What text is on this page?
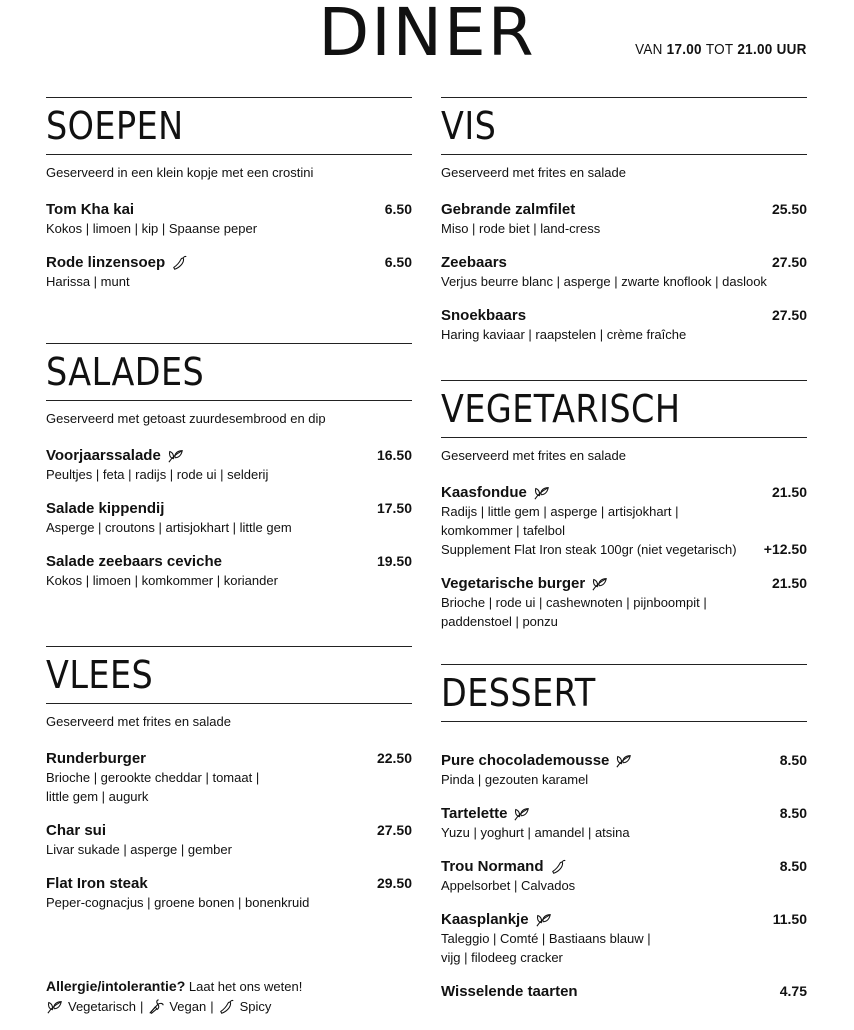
DINER	VAN 17.00 TOT 21.00 UUR
SOEPEN
Geserveerd in een klein kopje met een crostini
Tom Kha kai	6.50
Kokos | limoen | kip | Spaanse peper
Rode linzensoep	6.50
Harissa | munt
SALADES
Geserveerd met getoast zuurdesembrood en dip
Voorjaarssalade	16.50
Peultjes | feta | radijs | rode ui | selderij
Salade kippendij	17.50
Asperge | croutons | artisjokhart | little gem
Salade zeebaars ceviche	19.50
Kokos | limoen | komkommer | koriander
VLEES
Geserveerd met frites en salade
Runderburger	22.50
Brioche | gerookte cheddar | tomaat |
little gem | augurk
Char sui	27.50
Livar sukade | asperge | gember
Flat Iron steak	29.50
Peper-cognacjus | groene bonen | bonenkruid
VIS
Geserveerd met frites en salade
Gebrande zalmfilet	25.50
Miso | rode biet | land-cress
Zeebaars	27.50
Verjus beurre blanc | asperge | zwarte knoflook | daslook
Snoekbaars	27.50
Haring kaviaar | raapstelen | crème fraîche
VEGETARISCH
Geserveerd met frites en salade
Kaasfondue	21.50
Radijs | little gem | asperge | artisjokhart |
komkommer | tafelbol
Supplement Flat Iron steak 100gr (niet vegetarisch) +12.50
Vegetarische burger	21.50
Brioche | rode ui | cashewnoten | pijnboompit |
paddenstoel | ponzu
DESSERT
Pure chocolademousse	8.50
Pinda | gezouten karamel
Tartelette	8.50
Yuzu | yoghurt | amandel | atsina
Trou Normand	8.50
Appelsorbet | Calvados
Kaasplankje	11.50
Taleggio | Comté | Bastiaans blauw |
vijg | filodeeg cracker
Wisselende taarten	4.75
Allergie/intolerantie? Laat het ons weten!
Vegetarisch | Vegan | Spicy
